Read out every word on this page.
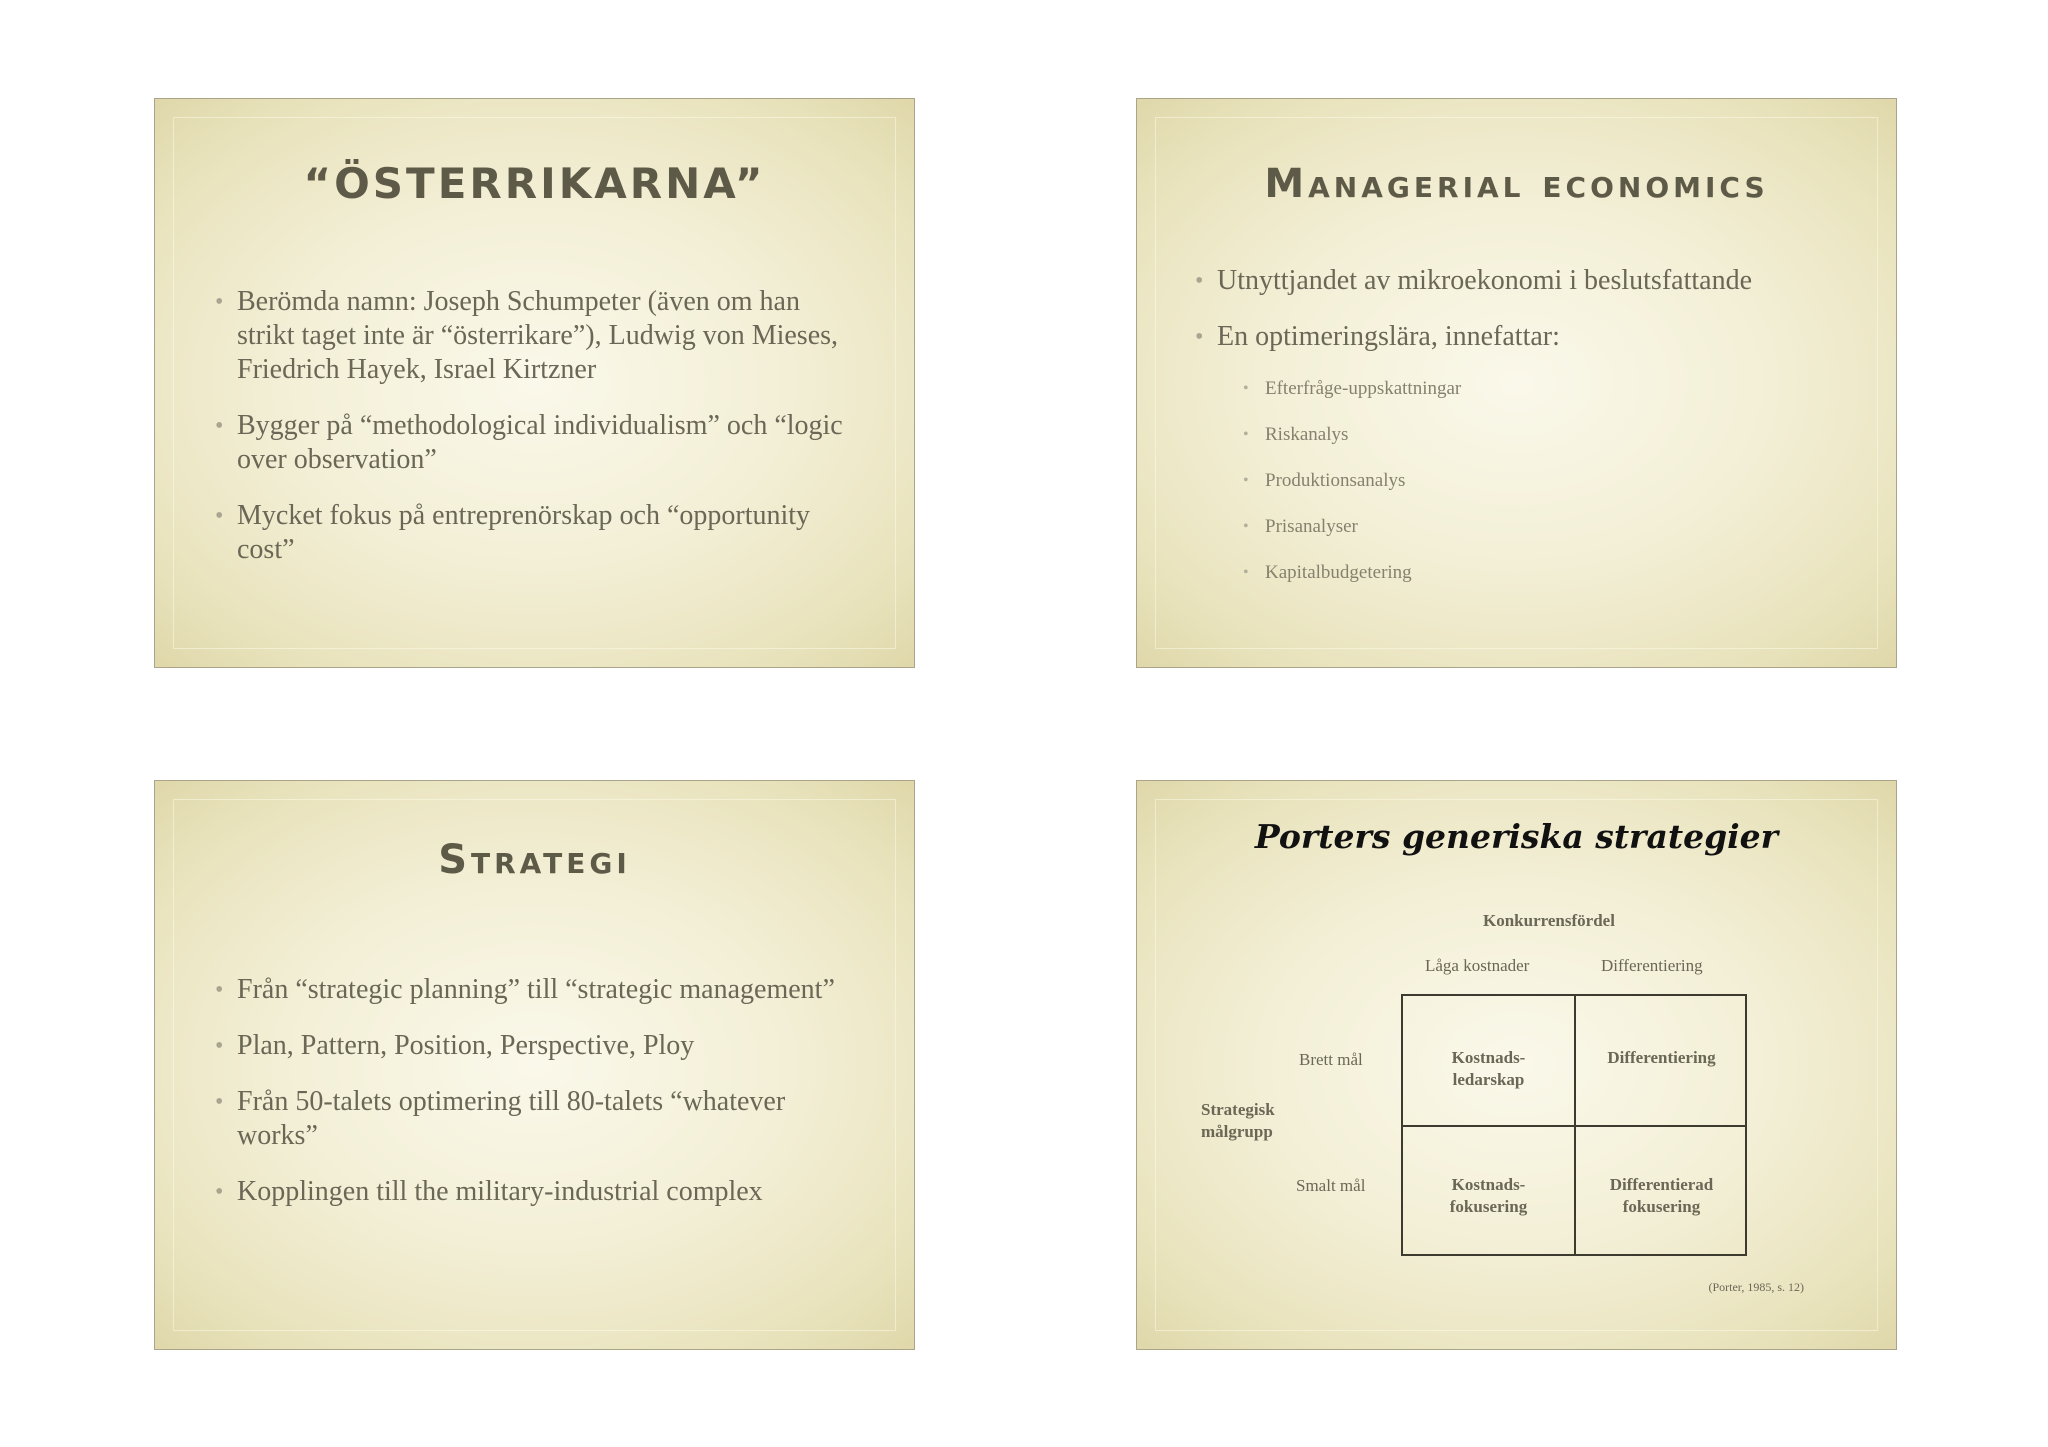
“ÖSTERRIKARNA”
• Berömda namn: Joseph Schumpeter (även om han strikt taget inte är “österrikare”), Ludwig von Mieses, Friedrich Hayek, Israel Kirtzner
• Bygger på “methodological individualism” och “logic over observation”
• Mycket fokus på entreprenörskap och “opportunity cost”
Managerial economics
• Utnyttjandet av mikroekonomi i beslutsfattande
• En optimeringslära, innefattar:
• Efterfråge-uppskattningar
• Riskanalys
• Produktionsanalys
• Prisanalyser
• Kapitalbudgetering
Strategi
• Från “strategic planning” till “strategic management”
• Plan, Pattern, Position, Perspective, Ploy
• Från 50-talets optimering till 80-talets “whatever works”
• Kopplingen till the military-industrial complex
Porters generiska strategier
Konkurrensfördel
Låga kostnader	Differentiering
Brett mål
Smalt mål
Strategisk målgrupp
Kostnads-
ledarskap
Differentiering
Kostnads-
fokusering
Differentierad
fokusering
(Porter, 1985, s. 12)
